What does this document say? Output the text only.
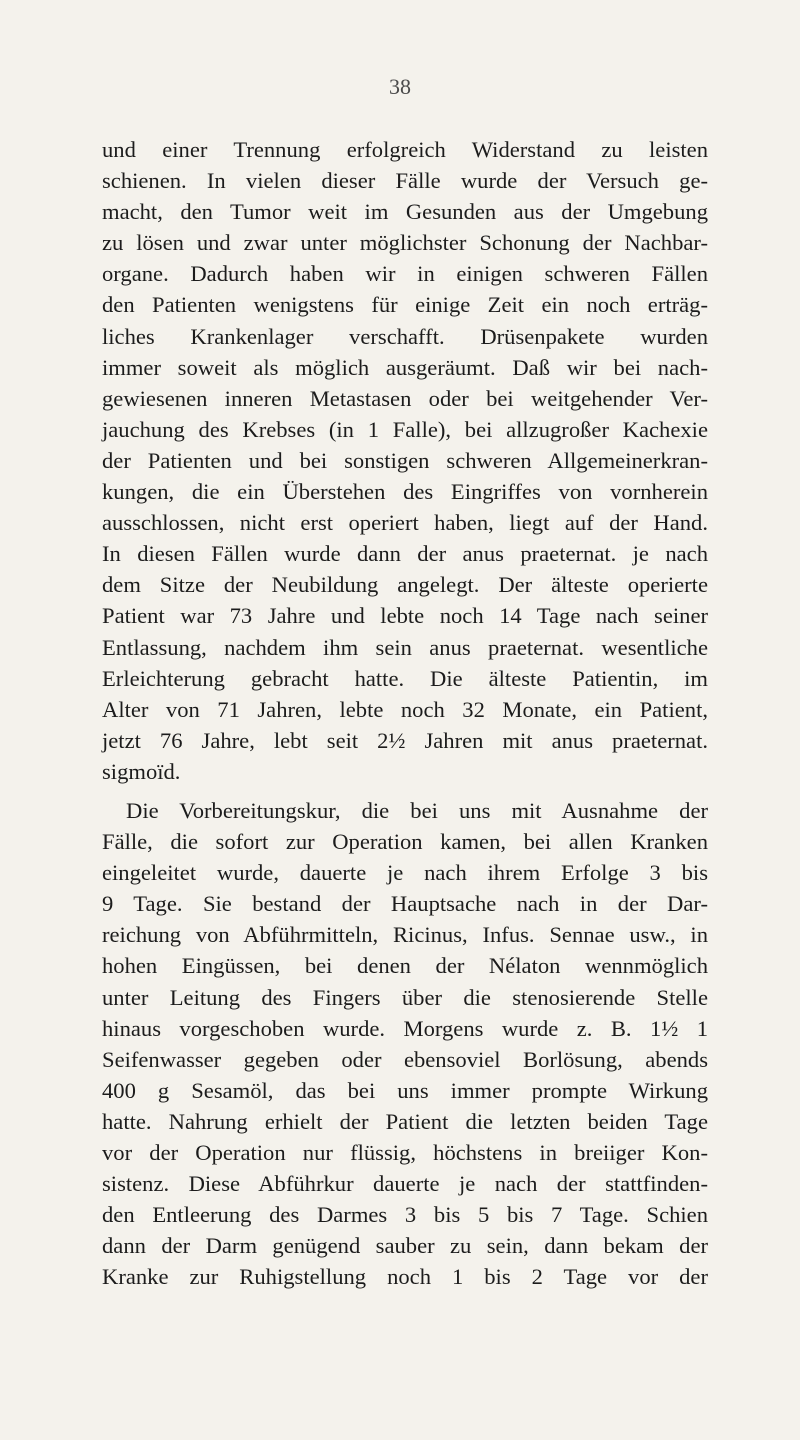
38
und einer Trennung erfolgreich Widerstand zu leisten
schienen. In vielen dieser Fälle wurde der Versuch ge-
macht, den Tumor weit im Gesunden aus der Umgebung
zu lösen und zwar unter möglichster Schonung der Nachbar-
organe. Dadurch haben wir in einigen schweren Fällen
den Patienten wenigstens für einige Zeit ein noch erträg-
liches Krankenlager verschafft. Drüsenpakete wurden
immer soweit als möglich ausgeräumt. Daß wir bei nach-
gewiesenen inneren Metastasen oder bei weitgehender Ver-
jauchung des Krebses (in 1 Falle), bei allzugroßer Kachexie
der Patienten und bei sonstigen schweren Allgemeinerkran-
kungen, die ein Überstehen des Eingriffes von vornherein
ausschlossen, nicht erst operiert haben, liegt auf der Hand.
In diesen Fällen wurde dann der anus praeternat. je nach
dem Sitze der Neubildung angelegt. Der älteste operierte
Patient war 73 Jahre und lebte noch 14 Tage nach seiner
Entlassung, nachdem ihm sein anus praeternat. wesentliche
Erleichterung gebracht hatte. Die älteste Patientin, im
Alter von 71 Jahren, lebte noch 32 Monate, ein Patient,
jetzt 76 Jahre, lebt seit 2½ Jahren mit anus praeternat.
sigmoïd.
Die Vorbereitungskur, die bei uns mit Ausnahme der
Fälle, die sofort zur Operation kamen, bei allen Kranken
eingeleitet wurde, dauerte je nach ihrem Erfolge 3 bis
9 Tage. Sie bestand der Hauptsache nach in der Dar-
reichung von Abführmitteln, Ricinus, Infus. Sennae usw., in
hohen Eingüssen, bei denen der Nélaton wennmöglich
unter Leitung des Fingers über die stenosierende Stelle
hinaus vorgeschoben wurde. Morgens wurde z. B. 1½ 1
Seifenwasser gegeben oder ebensoviel Borlösung, abends
400 g Sesamöl, das bei uns immer prompte Wirkung
hatte. Nahrung erhielt der Patient die letzten beiden Tage
vor der Operation nur flüssig, höchstens in breiiger Kon-
sistenz. Diese Abführkur dauerte je nach der stattfinden-
den Entleerung des Darmes 3 bis 5 bis 7 Tage. Schien
dann der Darm genügend sauber zu sein, dann bekam der
Kranke zur Ruhigstellung noch 1 bis 2 Tage vor der
